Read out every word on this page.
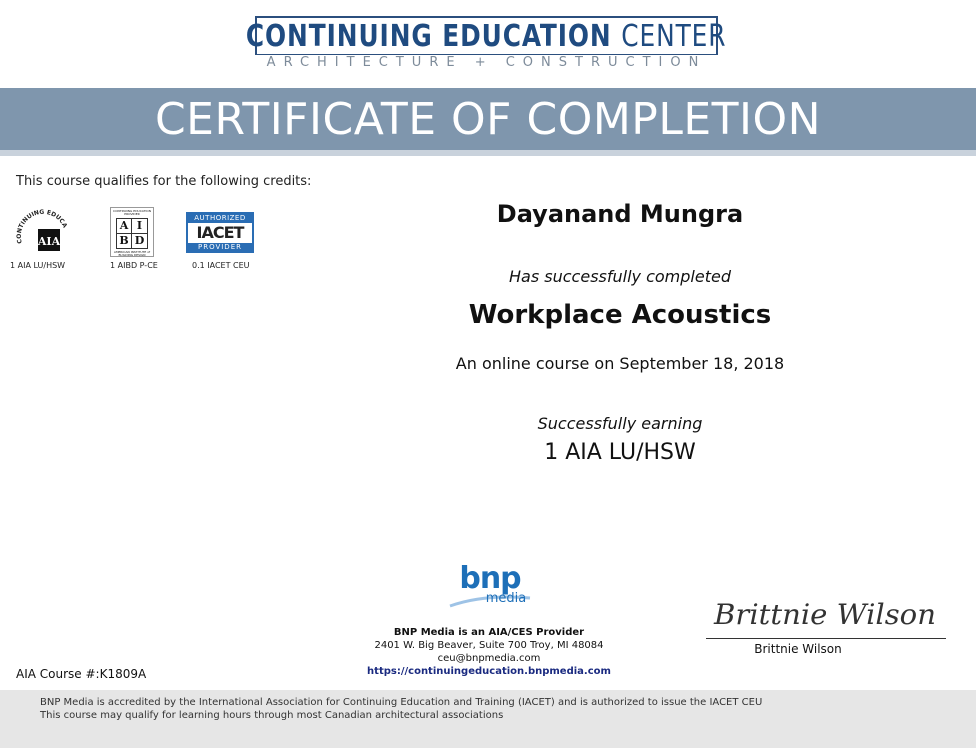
CONTINUING EDUCATION CENTER
ARCHITECTURE + CONSTRUCTION
CERTIFICATE OF COMPLETION
This course qualifies for the following credits:
CONTINUING EDUCA
AIA
1 AIA LU/HSW
CONTINUING EDUCATION PROVIDER
A I
B D
AMERICAN INSTITUTE of BUILDING DESIGN
1 AIBD P-CE
AUTHORIZED
IACET
PROVIDER
0.1 IACET CEU
Dayanand Mungra
Has successfully completed
Workplace Acoustics
An online course on September 18, 2018
Successfully earning
1 AIA LU/HSW
bnp
media
BNP Media is an AIA/CES Provider
2401 W. Big Beaver, Suite 700 Troy, MI 48084
ceu@bnpmedia.com
https://continuingeducation.bnpmedia.com
Brittnie Wilson
Brittnie Wilson
AIA Course #:K1809A
BNP Media is accredited by the International Association for Continuing Education and Training (IACET) and is authorized to issue the IACET CEU
This course may qualify for learning hours through most Canadian architectural associations
